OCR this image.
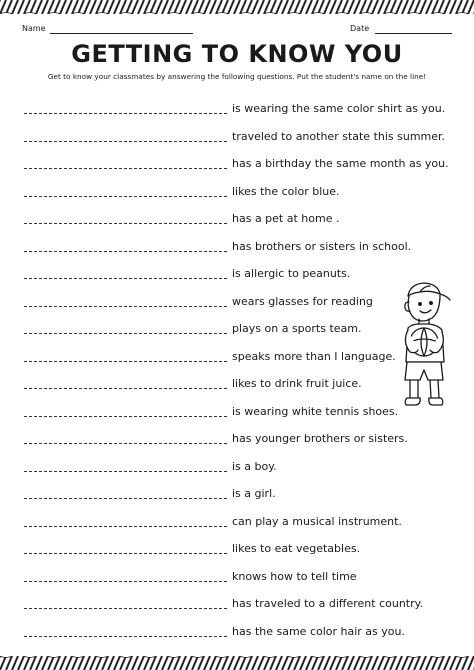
Name	Date
GETTING TO KNOW YOU
Get to know your classmates by answering the following questions. Put the student's name on the line!
is wearing the same color shirt as you.
traveled to another state this summer.
has a birthday the same month as you.
likes the color blue.
has a pet at home .
has brothers or sisters in school.
is allergic to peanuts.
wears glasses for reading
plays on a sports team.
speaks more than I language.
likes to drink fruit juice.
is wearing white tennis shoes.
has younger brothers or sisters.
is a boy.
is a girl.
can play a musical instrument.
likes to eat vegetables.
knows how to tell time
has traveled to a different country.
has the same color hair as you.
